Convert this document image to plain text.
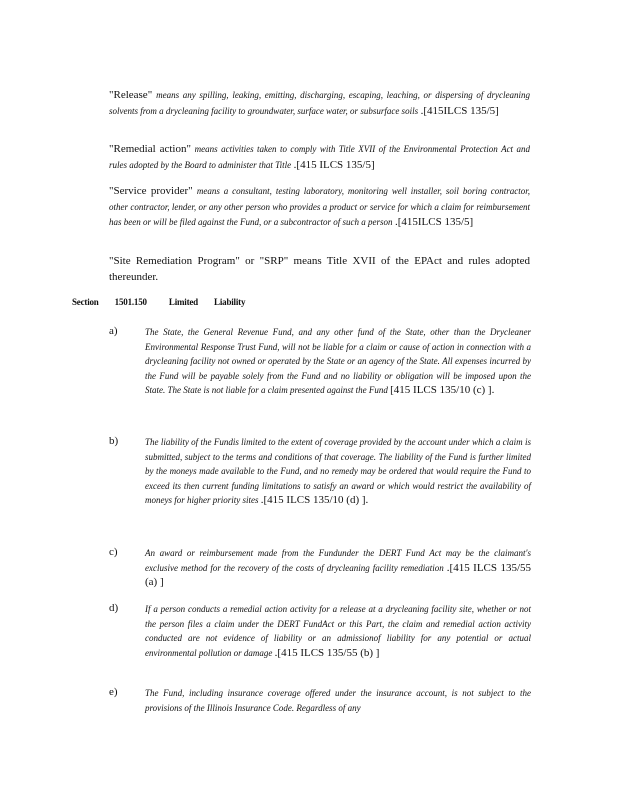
"Release" means any spilling, leaking, emitting, discharging, escaping, leaching, or dispersing of drycleaning solvents from a drycleaning facility to groundwater, surface water, or subsurface soils .[415ILCS 135/5]
"Remedial action" means activities taken to comply with Title XVII of the Environmental Protection Act and rules adopted by the Board to administer that Title .[415 ILCS 135/5]
"Service provider" means a consultant, testing laboratory, monitoring well installer, soil boring contractor, other contractor, lender, or any other person who provides a product or service for which a claim for reimbursement has been or will be filed against the Fund, or a subcontractor of such a person .[415ILCS 135/5]
"Site Remediation Program" or "SRP" means Title XVII of the EPAct and rules adopted thereunder.
Section 1501.150 Limited Liability
a)	The State, the General Revenue Fund, and any other fund of the State, other than the Drycleaner Environmental Response Trust Fund, will not be liable for a claim or cause of action in connection with a drycleaning facility not owned or operated by the State or an agency of the State. All expenses incurred by the Fund will be payable solely from the Fund and no liability or obligation will be imposed upon the State. The State is not liable for a claim presented against the Fund [415 ILCS 135/10 (c) ].
b)	The liability of the Fundis limited to the extent of coverage provided by the account under which a claim is submitted, subject to the terms and conditions of that coverage. The liability of the Fund is further limited by the moneys made available to the Fund, and no remedy may be ordered that would require the Fund to exceed its then current funding limitations to satisfy an award or which would restrict the availability of moneys for higher priority sites .[415 ILCS 135/10 (d) ].
c)	An award or reimbursement made from the Fundunder the DERT Fund Act may be the claimant's exclusive method for the recovery of the costs of drycleaning facility remediation .[415 ILCS 135/55 (a) ]
d)	If a person conducts a remedial action activity for a release at a drycleaning facility site, whether or not the person files a claim under the DERT FundAct or this Part, the claim and remedial action activity conducted are not evidence of liability or an admissionof liability for any potential or actual environmental pollution or damage .[415 ILCS 135/55 (b) ]
e)	The Fund, including insurance coverage offered under the insurance account, is not subject to the provisions of the Illinois Insurance Code. Regardless of any
